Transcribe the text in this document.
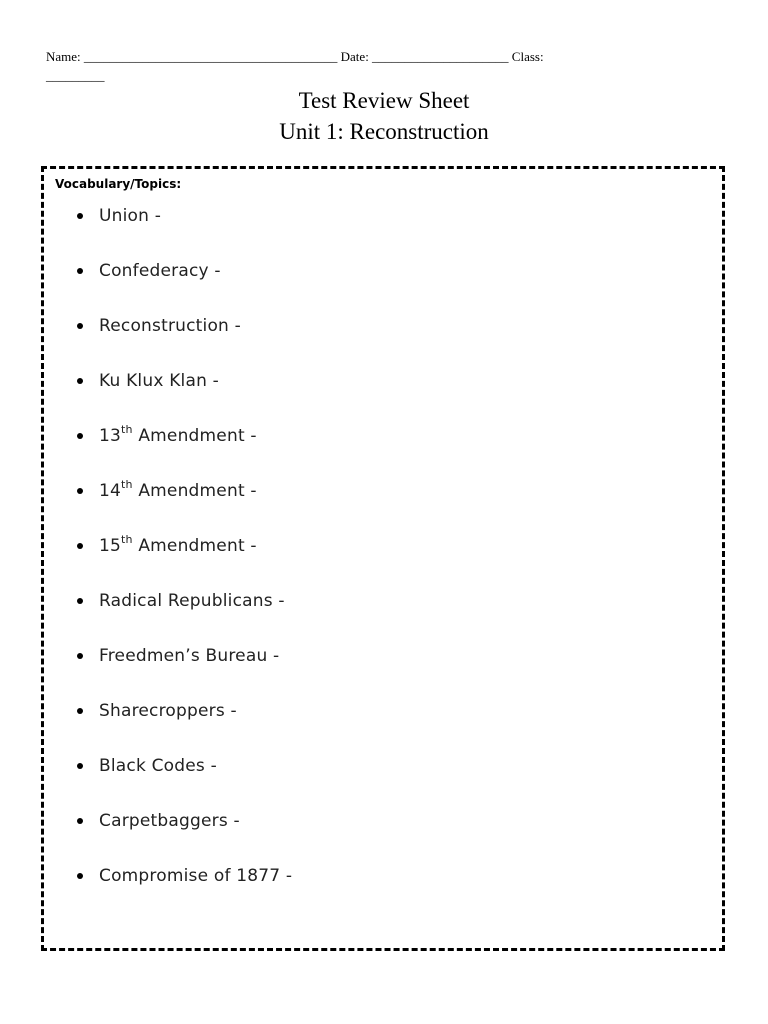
Name: _______________________________________ Date: _____________________ Class:
_________
Test Review Sheet
Unit 1: Reconstruction
Vocabulary/Topics:
Union -
Confederacy -
Reconstruction -
Ku Klux Klan -
13th Amendment -
14th Amendment -
15th Amendment -
Radical Republicans -
Freedmen’s Bureau -
Sharecroppers -
Black Codes -
Carpetbaggers -
Compromise of 1877 -
